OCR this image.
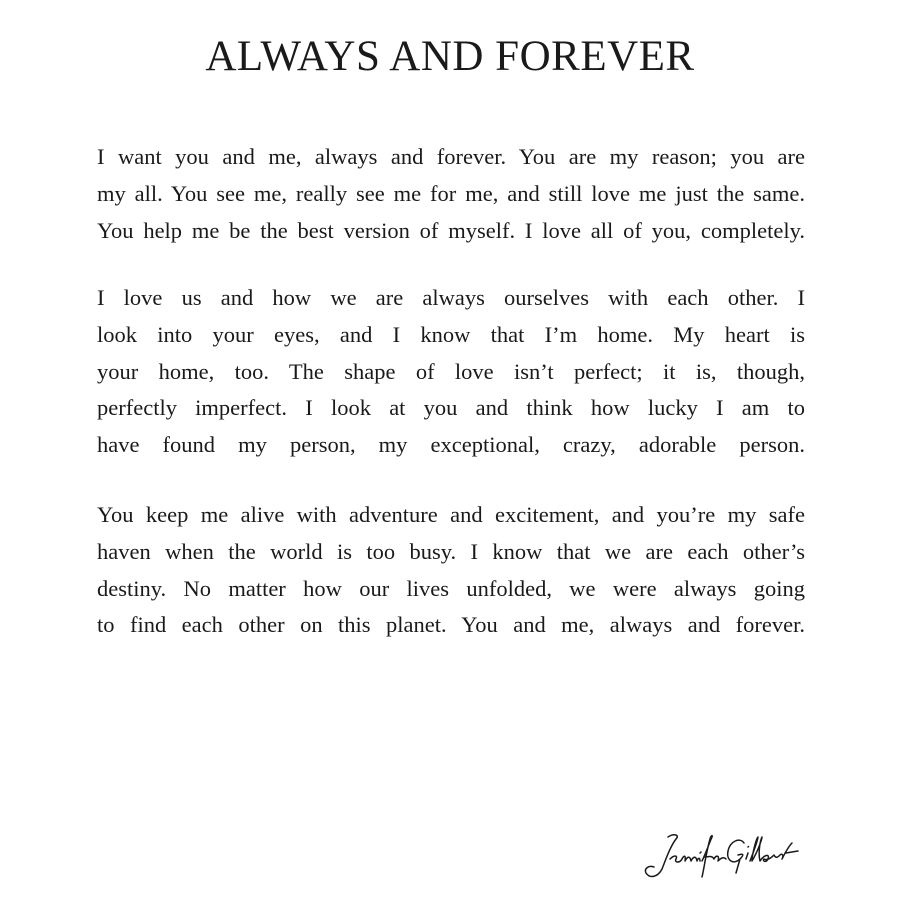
ALWAYS AND FOREVER

I want you and me, always and forever. You are my reason; you are
my all. You see me, really see me for me, and still love me just the same.
You help me be the best version of myself. I love all of you, completely.

I love us and how we are always ourselves with each other. I
look into your eyes, and I know that I’m home. My heart is
your home, too. The shape of love isn’t perfect; it is, though,
perfectly imperfect. I look at you and think how lucky I am to
have found my person, my exceptional, crazy, adorable person.

You keep me alive with adventure and excitement, and you’re my safe
haven when the world is too busy. I know that we are each other’s
destiny. No matter how our lives unfolded, we were always going
to find each other on this planet. You and me, always and forever.
